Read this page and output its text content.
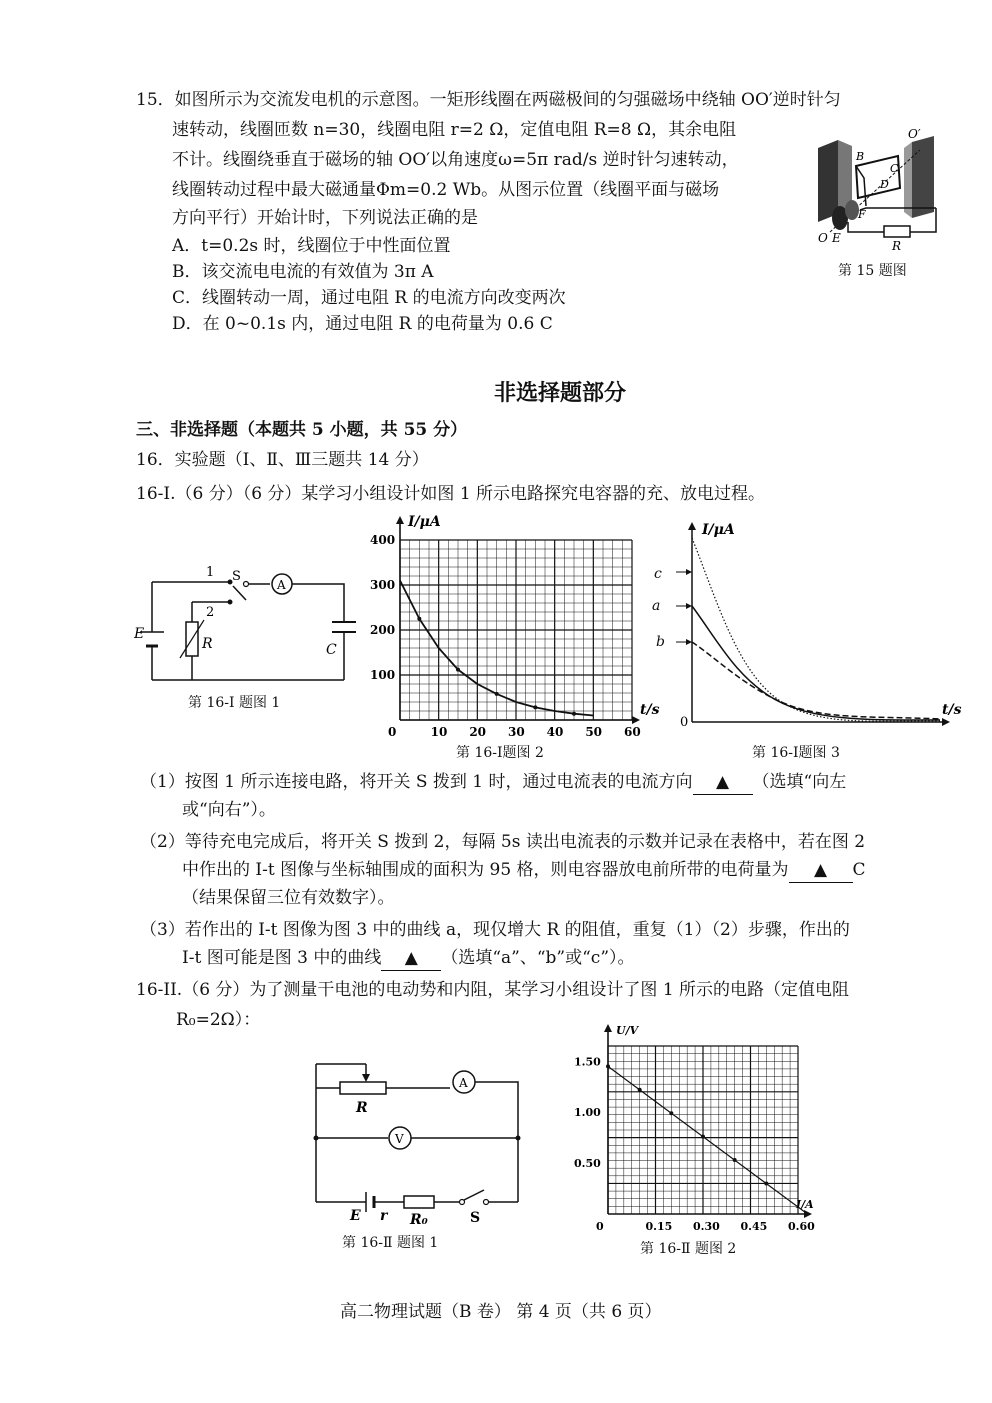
15．如图所示为交流发电机的示意图。一矩形线圈在两磁极间的匀强磁场中绕轴 OO′逆时针匀
速转动，线圈匝数 n=30，线圈电阻 r=2 Ω，定值电阻 R=8 Ω，其余电阻
不计。线圈绕垂直于磁场的轴 OO′以角速度ω=5π rad/s 逆时针匀速转动，
线圈转动过程中最大磁通量Φm=0.2 Wb。从图示位置（线圈平面与磁场
方向平行）开始计时，下列说法正确的是
A．t=0.2s 时，线圈位于中性面位置
B．该交流电电流的有效值为 3π A
C．线圈转动一周，通过电阻 R 的电流方向改变两次
D．在 0~0.1s 内，通过电阻 R 的电荷量为 0.6 C
O′
B
C
D
F
O E
R
第 15 题图
非选择题部分
三、非选择题（本题共 5 小题，共 55 分）
16．实验题（Ⅰ、Ⅱ、Ⅲ三题共 14 分）
16-I.（6 分）（6 分）某学习小组设计如图 1 所示电路探究电容器的充、放电过程。
E
1
2
S
A
C
R
第 16-I 题图 1
0	10 20 30 40 50 60
100
200
300
400
I/μA
t/s
第 16-Ⅰ题图 2
I/μA
t/s
0
c
a
b
第 16-Ⅰ题图 3
（1）按图 1 所示连接电路，将开关 S 拨到 1 时，通过电流表的电流方向 ▲ （选填“向左
或“向右”）。
（2）等待充电完成后，将开关 S 拨到 2，每隔 5s 读出电流表的示数并记录在表格中，若在图 2
中作出的 I-t 图像与坐标轴围成的面积为 95 格，则电容器放电前所带的电荷量为 ▲ C
（结果保留三位有效数字）。
（3）若作出的 I-t 图像为图 3 中的曲线 a，现仅增大 R 的阻值，重复（1）（2）步骤，作出的
I-t 图可能是图 3 中的曲线 ▲ （选填“a”、“b”或“c”）。
16-II.（6 分）为了测量干电池的电动势和内阻，某学习小组设计了图 1 所示的电路（定值电阻
R₀=2Ω）：
R
A
V
E r R₀	S
第 16-Ⅱ 题图 1
0	0.15 0.30 0.45 0.60
0.50
1.00
1.50
U/V
I/A
第 16-Ⅱ 题图 2
高二物理试题（B 卷） 第 4 页（共 6 页）
